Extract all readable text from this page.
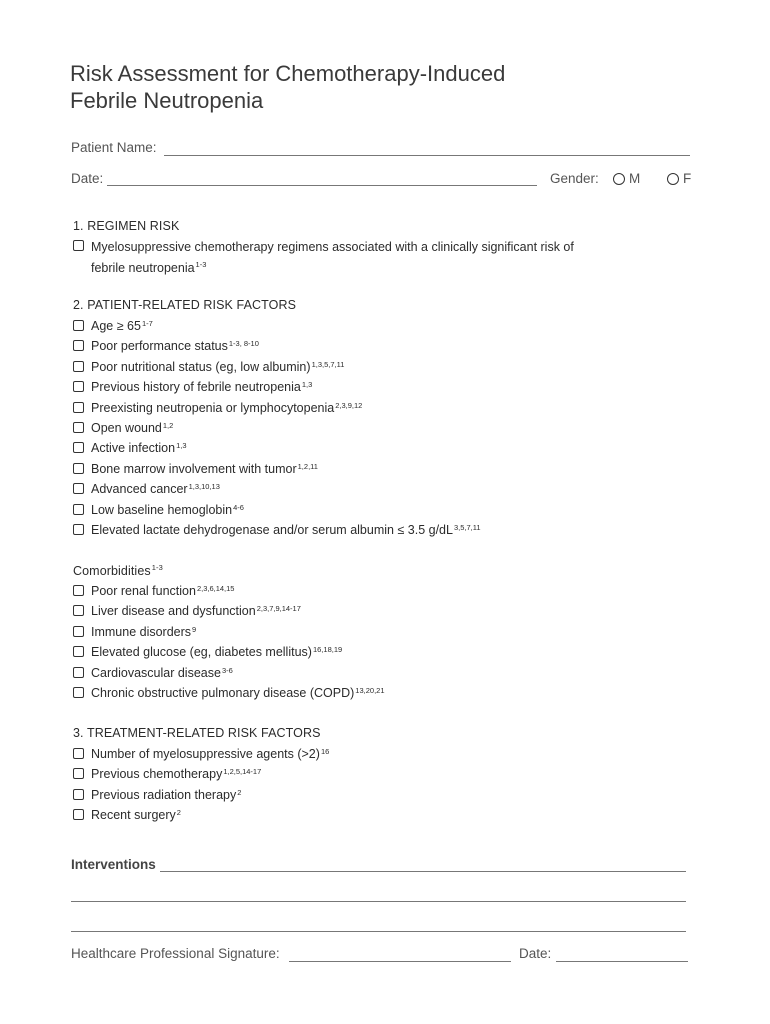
Risk Assessment for Chemotherapy-Induced
Febrile Neutropenia
Patient Name:
Date:	Gender: M	F
1. REGIMEN RISK
Myelosuppressive chemotherapy regimens associated with a clinically significant risk of
febrile neutropenia$^{1-3}$
2. PATIENT-RELATED RISK FACTORS
Age ≥ $65^{1-7}$
Poor performance status$^{1-3, 8-10}$
Poor nutritional status (eg, low albumin)$^{1,3,5,7,11}$
Previous history of febrile neutropenia$^{1,3}$
Preexisting neutropenia or lymphocytopenia$^{2,3,9,12}$
Open wound$^{1,2}$
Active infection$^{1,3}$
Bone marrow involvement with tumor$^{1,2,11}$
Advanced cancer$^{1,3,10,13}$
Low baseline hemoglobin$^{4-6}$
Elevated lactate dehydrogenase and/or serum albumin ≤ 3.5 g/dL$^{3,5,7,11}$
Comorbidities$^{1-3}$
Poor renal function$^{2,3,6,14,15}$
Liver disease and dysfunction$^{2,3,7,9,14-17}$
Immune disorders$^9$
Elevated glucose (eg, diabetes mellitus)$^{16,18,19}$
Cardiovascular disease$^{3-6}$
Chronic obstructive pulmonary disease (COPD)$^{13,20,21}$
3. TREATMENT-RELATED RISK FACTORS
Number of myelosuppressive agents (>2)$^{16}$
Previous chemotherapy$^{1,2,5,14-17}$
Previous radiation therapy$^2$
Recent surgery$^2$
Interventions
Healthcare Professional Signature:	Date:
